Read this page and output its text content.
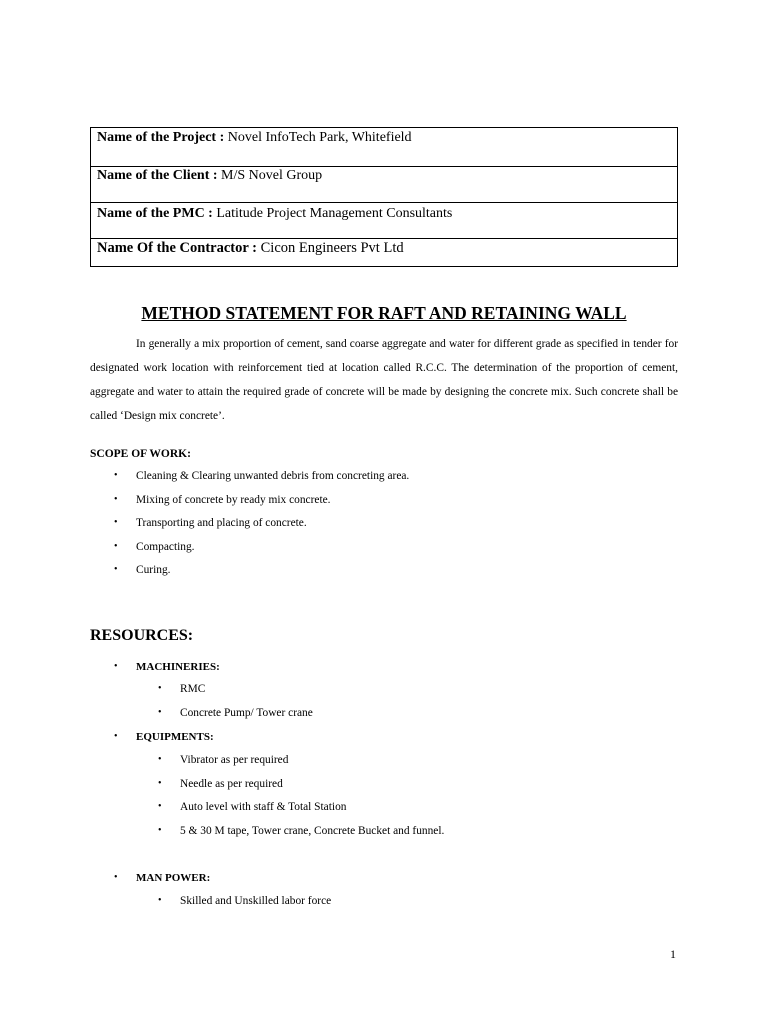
Name of the Project : Novel InfoTech Park, Whitefield
Name of the Client : M/S Novel Group
Name of the PMC : Latitude Project Management Consultants
Name Of the Contractor : Cicon Engineers Pvt Ltd
METHOD STATEMENT FOR RAFT AND RETAINING WALL

In generally a mix proportion of cement, sand coarse aggregate and water for different grade as specified in tender for designated work location with reinforcement tied at location called R.C.C. The determination of the proportion of cement, aggregate and water to attain the required grade of concrete will be made by designing the concrete mix. Such concrete shall be called ‘Design mix concrete’.

SCOPE OF WORK:
• Cleaning & Clearing unwanted debris from concreting area.
• Mixing of concrete by ready mix concrete.
• Transporting and placing of concrete.
• Compacting.
• Curing.
RESOURCES:
• MACHINERIES:
• RMC
• Concrete Pump/ Tower crane
• EQUIPMENTS:
• Vibrator as per required
• Needle as per required
• Auto level with staff & Total Station
• 5 & 30 M tape, Tower crane, Concrete Bucket and funnel.
• MAN POWER:
• Skilled and Unskilled labor force
1
